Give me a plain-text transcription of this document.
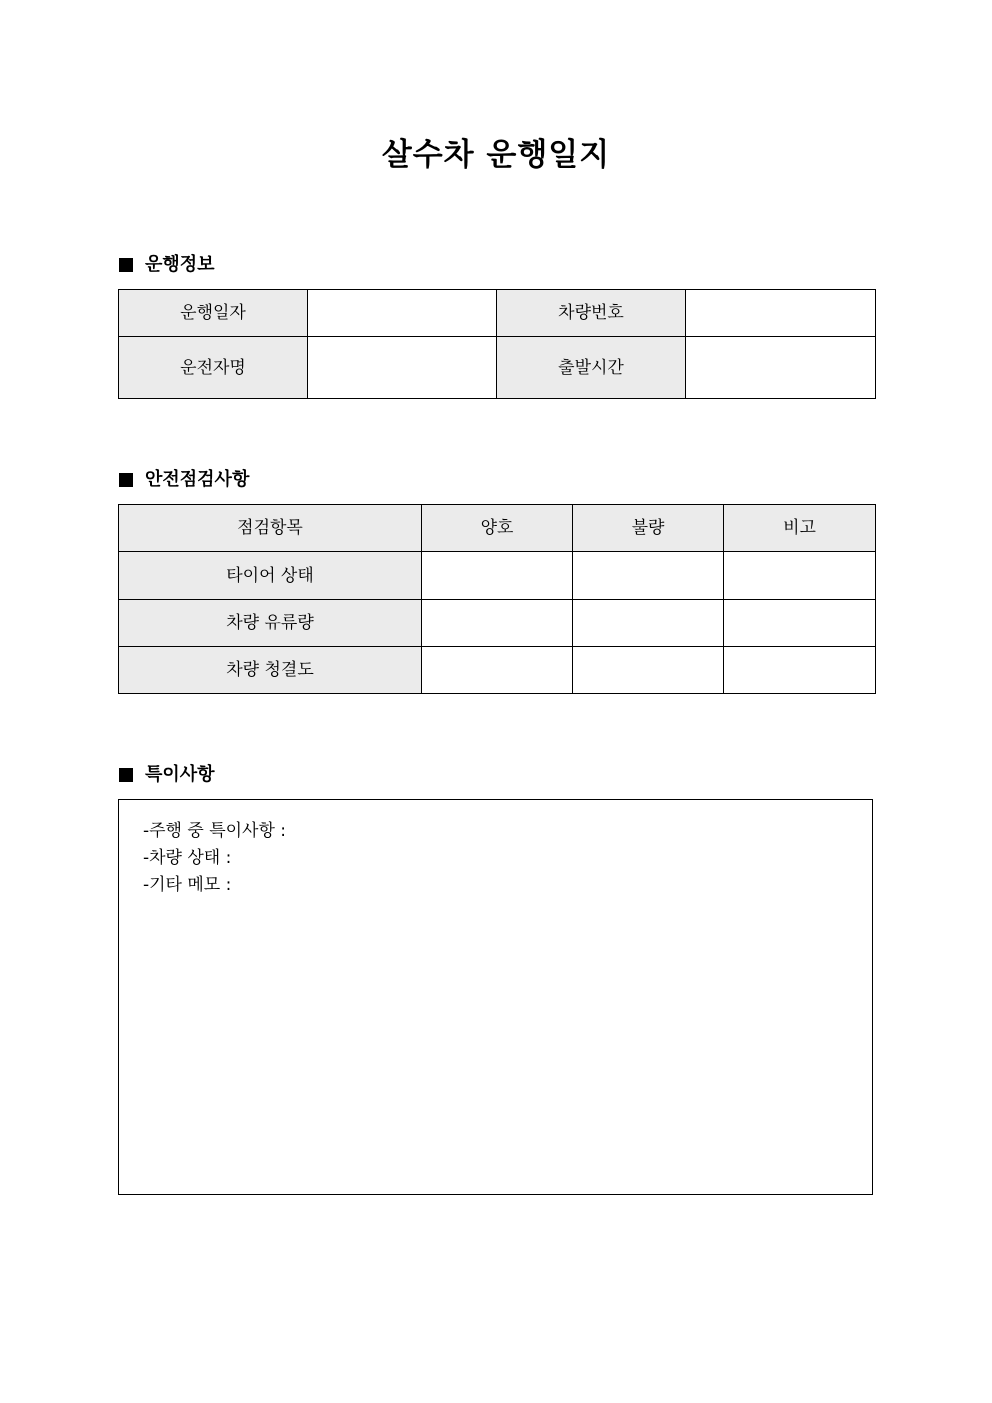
살수차 운행일지
운행정보
운행일자		차량번호	
운전자명		출발시간	
안전점검사항
점검항목	양호	불량	비고
타이어 상태			
차량 유류량			
차량 청결도			
특이사항
-주행 중 특이사항 :
-차량 상태 :
-기타 메모 :
